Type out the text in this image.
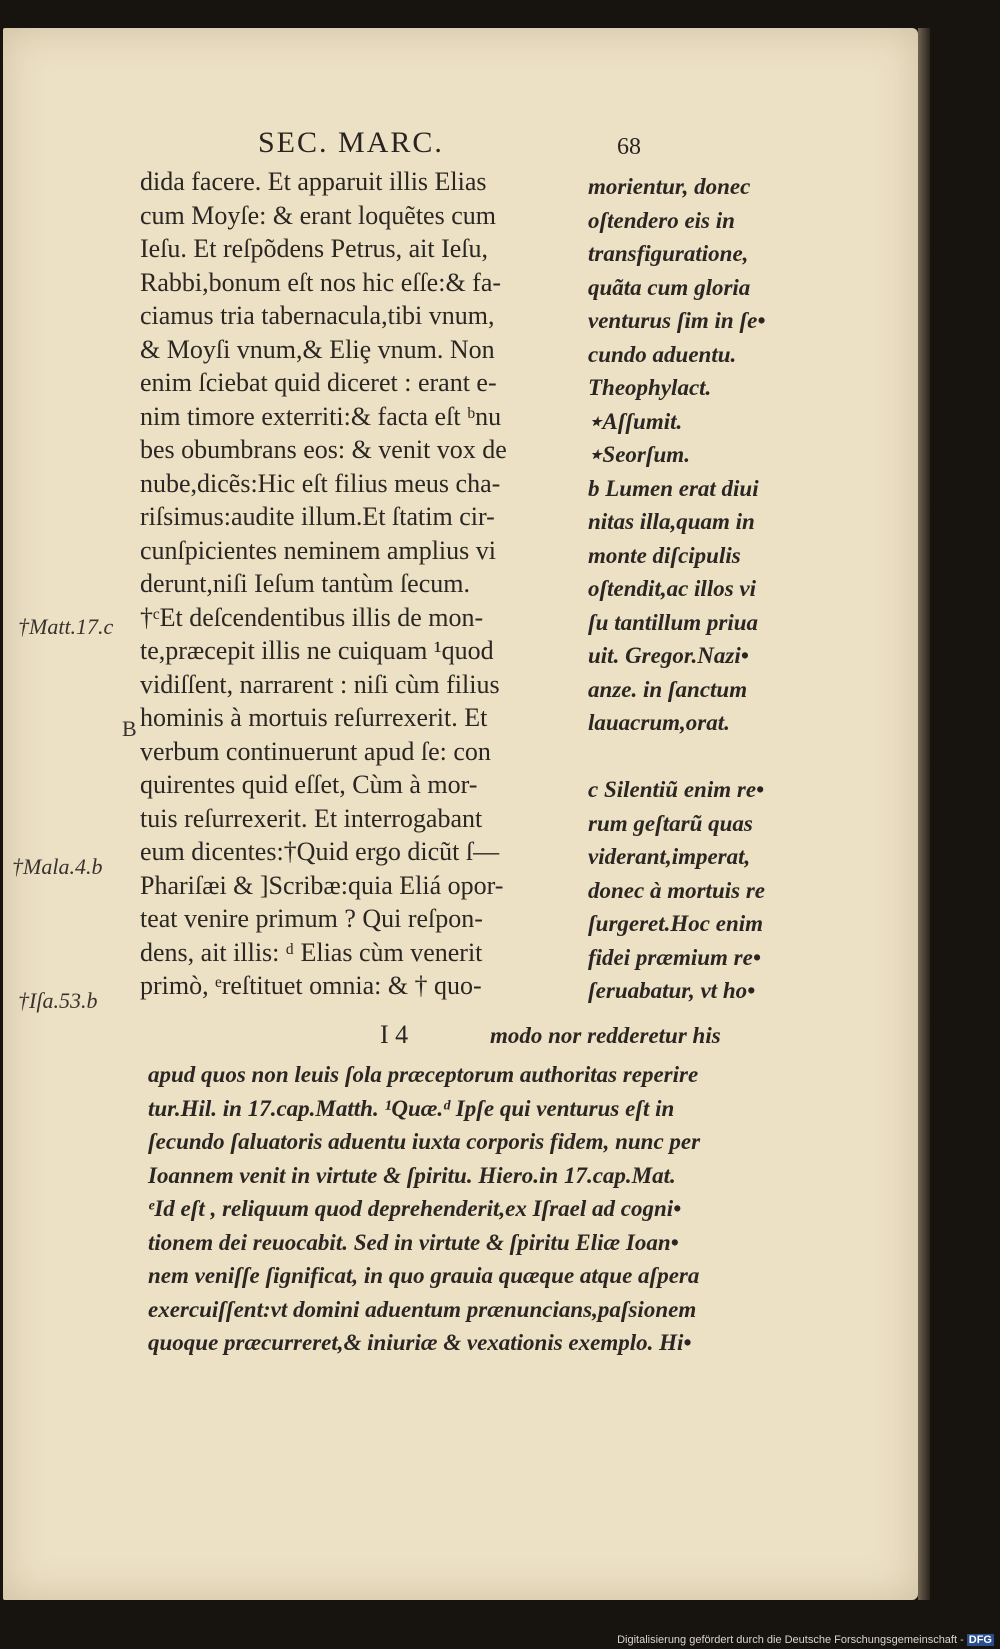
SEC. MARC.	68
dida facere. Et apparuit illis Elias
cum Moyſe: & erant loquẽtes cum
Ieſu. Et reſpõdens Petrus, ait Ieſu,
Rabbi,bonum eſt nos hic eſſe:& fa-
ciamus tria tabernacula,tibi vnum,
& Moyſi vnum,& Eliȩ vnum. Non
enim ſciebat quid diceret : erant e-
nim timore exterriti:& facta eſt ᵇnu
bes obumbrans eos: & venit vox de
nube,dicẽs:Hic eſt filius meus cha-
riſsimus:audite illum.Et ſtatim cir-
cunſpicientes neminem amplius vi
derunt,niſi Ieſum tantùm ſecum.
†ᶜEt deſcendentibus illis de mon-
te,præcepit illis ne cuiquam ¹quod
vidiſſent, narrarent : niſi cùm filius
hominis à mortuis reſurrexerit. Et
verbum continuerunt apud ſe: con
quirentes quid eſſet, Cùm à mor-
tuis reſurrexerit. Et interrogabant
eum dicentes:†Quid ergo dicũt ſ—
Phariſæi & ]Scribæ:quia Eliá opor-
teat venire primum ? Qui reſpon-
dens, ait illis: ᵈ Elias cùm venerit
primò, ᵉreſtituet omnia: & † quo-
morientur, donec
oſtendero eis in
transfiguratione,
quãta cum gloria
venturus ſim in ſe•
cundo aduentu.
Theophylact.
⋆Aſſumit.
⋆Seorſum.
b Lumen erat diui
nitas illa,quam in
monte diſcipulis
oſtendit,ac illos vi
ſu tantillum priua
uit. Gregor.Nazi•
anze. in ſanctum
lauacrum,orat.
c Silentiũ enim re•
rum geſtarũ quas
viderant,imperat,
donec à mortuis re
ſurgeret.Hoc enim
fidei præmium re•
ſeruabatur, vt ho•
†Matt.17.c
B
†Mala.4.b
†Iſa.53.b
I 4	modo nor redderetur his
apud quos non leuis ſola præceptorum authoritas reperire
tur.Hil. in 17.cap.Matth. ¹Quæ.ᵈ Ipſe qui venturus eſt in
ſecundo ſaluatoris aduentu iuxta corporis fidem, nunc per
Ioannem venit in virtute & ſpiritu. Hiero.in 17.cap.Mat.
ᵉId eſt , reliquum quod deprehenderit,ex Iſrael ad cogni•
tionem dei reuocabit. Sed in virtute & ſpiritu Eliæ Ioan•
nem veniſſe ſignificat, in quo grauia quæque atque aſpera
exercuiſſent:vt domini aduentum prænuncians,paſsionem
quoque præcurreret,& iniuriæ & vexationis exemplo. Hi•
Digitalisierung gefördert durch die Deutsche Forschungsgemeinschaft - DFG
